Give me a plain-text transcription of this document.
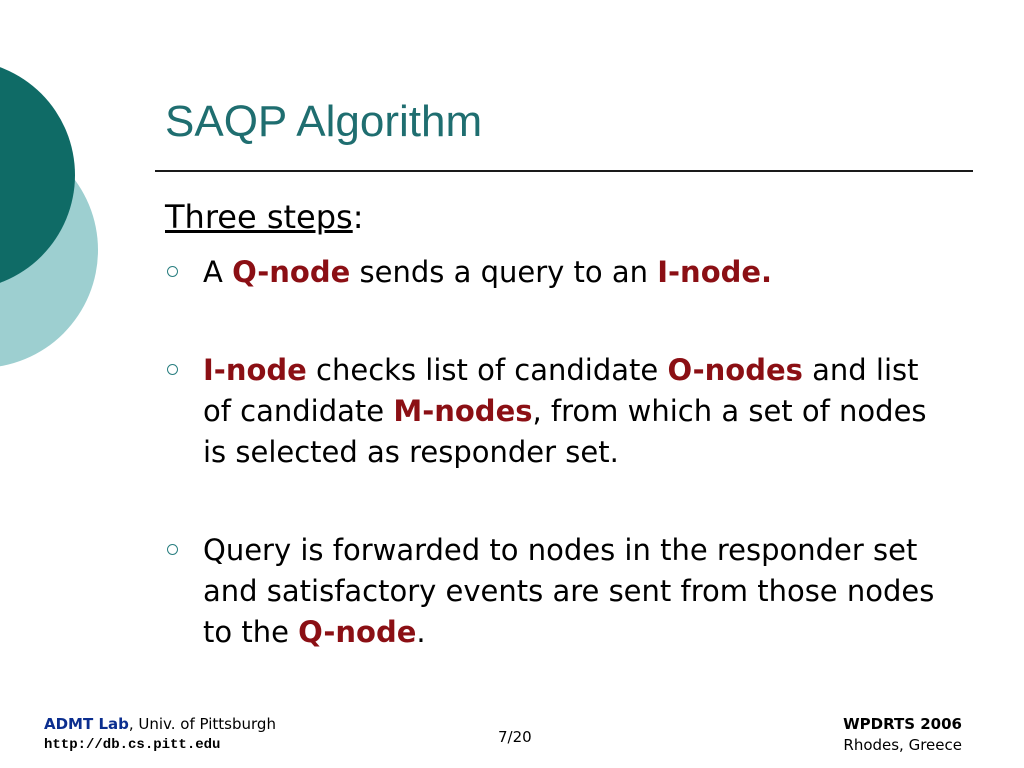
SAQP Algorithm
Three steps:
A Q-node sends a query to an I-node.
I-node checks list of candidate O-nodes and list of candidate M-nodes, from which a set of nodes is selected as responder set.
Query is forwarded to nodes in the responder set and satisfactory events are sent from those nodes to the Q-node.
ADMT Lab, Univ. of Pittsburgh
http://db.cs.pitt.edu	7/20
WPDRTS 2006
Rhodes, Greece
